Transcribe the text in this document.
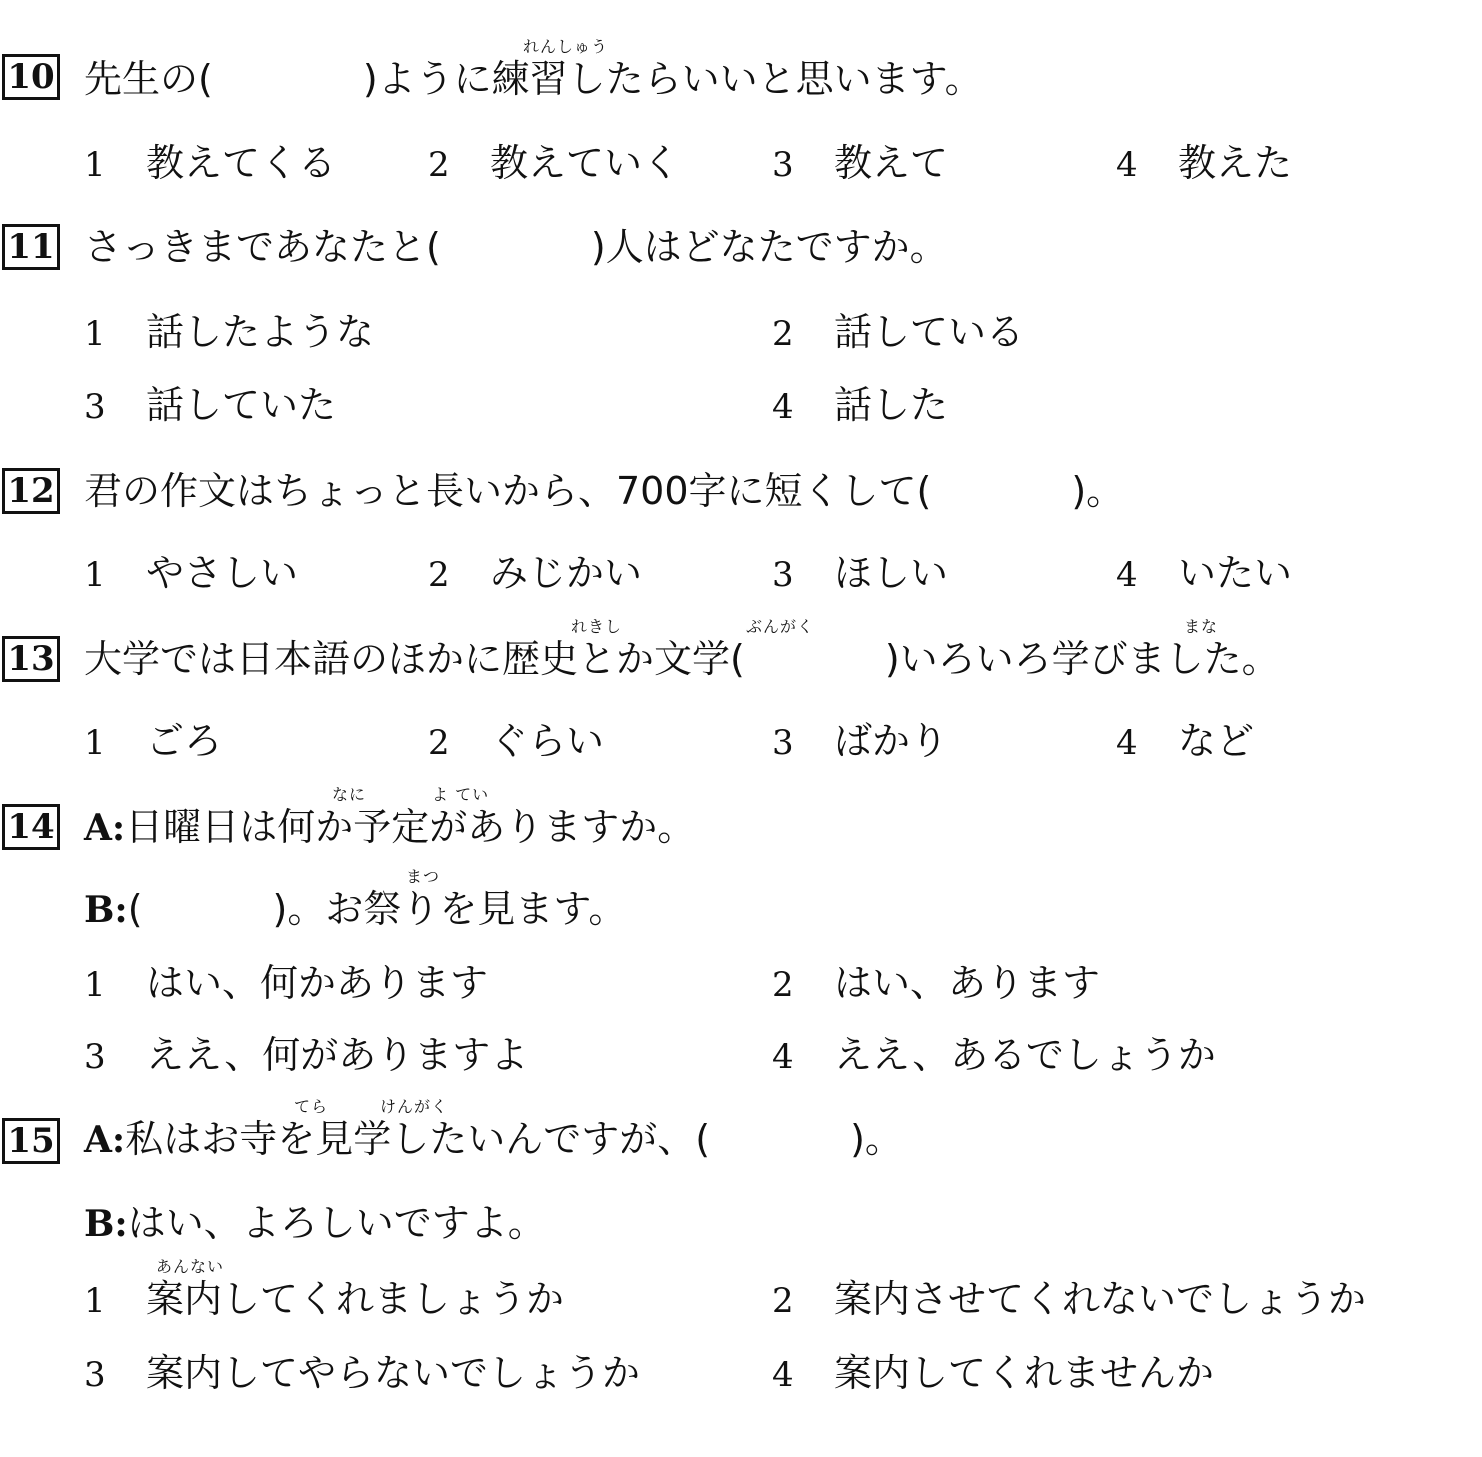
10
れんしゅう
先生の(	)ように練習したらいいと思います。
1 教えてくる	2 教えていく	3 教えて	4 教えた
11 さっきまであなたと(	)人はどなたですか。
1 話したような	2 話している
3 話していた	4 話した
12 君の作文はちょっと長いから、700字に短くして(	)。
1 やさしい	2 みじかい	3 ほしい	4 いたい
13
れきし	ぶんがく	まな
大学では日本語のほかに歴史とか文学(	)いろいろ学びました。
1 ごろ	2 ぐらい	3 ばかり	4 など
14
なに	よ てい
A:日曜日は何か予定がありますか。
まつ
B:(	)。お祭りを見ます。
1 はい、何かあります	2 はい、あります
3 ええ、何がありますよ	4 ええ、あるでしょうか
15
てら	けんがく
A:私はお寺を見学したいんですが、(	)。
B:はい、よろしいですよ。
あんない
1 案内してくれましょうか	2 案内させてくれないでしょうか
3 案内してやらないでしょうか	4 案内してくれませんか
